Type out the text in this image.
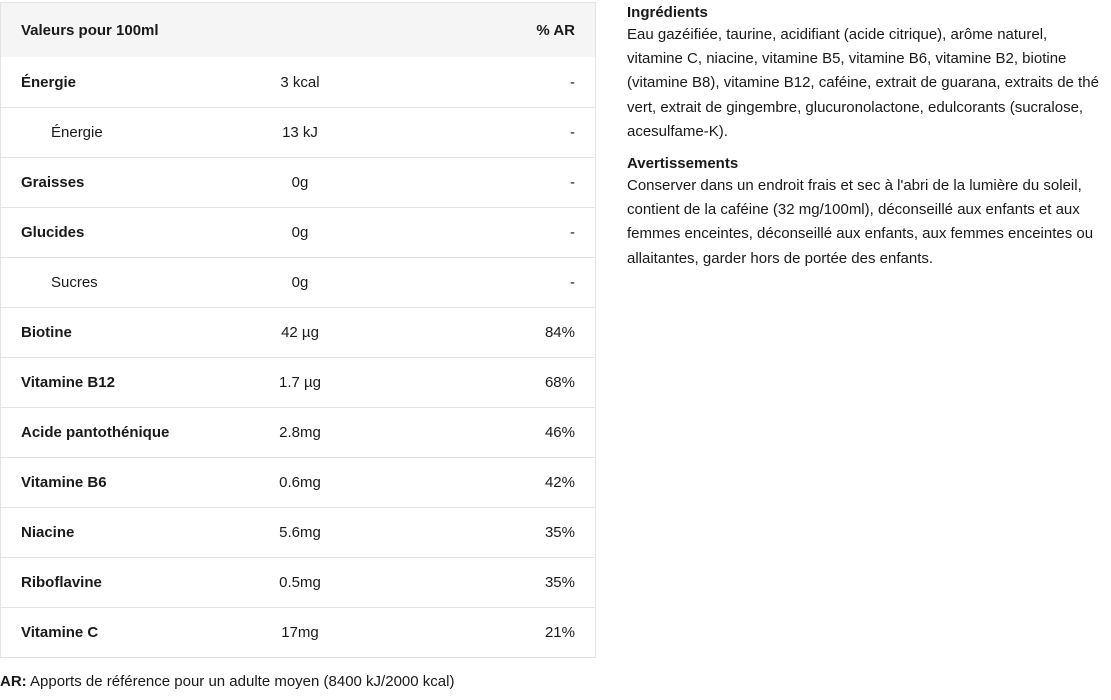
Valeurs pour 100ml	% AR
Énergie	3 kcal	-
Énergie	13 kJ	-
Graisses	0g	-
Glucides	0g	-
Sucres	0g	-
Biotine	42 µg	84%
Vitamine B12	1.7 µg	68%
Acide pantothénique	2.8mg	46%
Vitamine B6	0.6mg	42%
Niacine	5.6mg	35%
Riboflavine	0.5mg	35%
Vitamine C	17mg	21%
AR: Apports de référence pour un adulte moyen (8400 kJ/2000 kcal)
Ingrédients

Eau gazéifiée, taurine, acidifiant (acide citrique), arôme naturel, vitamine C, niacine, vitamine B5, vitamine B6, vitamine B2, biotine (vitamine B8), vitamine B12, caféine, extrait de guarana, extraits de thé vert, extrait de gingembre, glucuronolactone, edulcorants (sucralose, acesulfame-K).

Avertissements

Conserver dans un endroit frais et sec à l'abri de la lumière du soleil, contient de la caféine (32 mg/100ml), déconseillé aux enfants et aux femmes enceintes, déconseillé aux enfants, aux femmes enceintes ou allaitantes, garder hors de portée des enfants.
